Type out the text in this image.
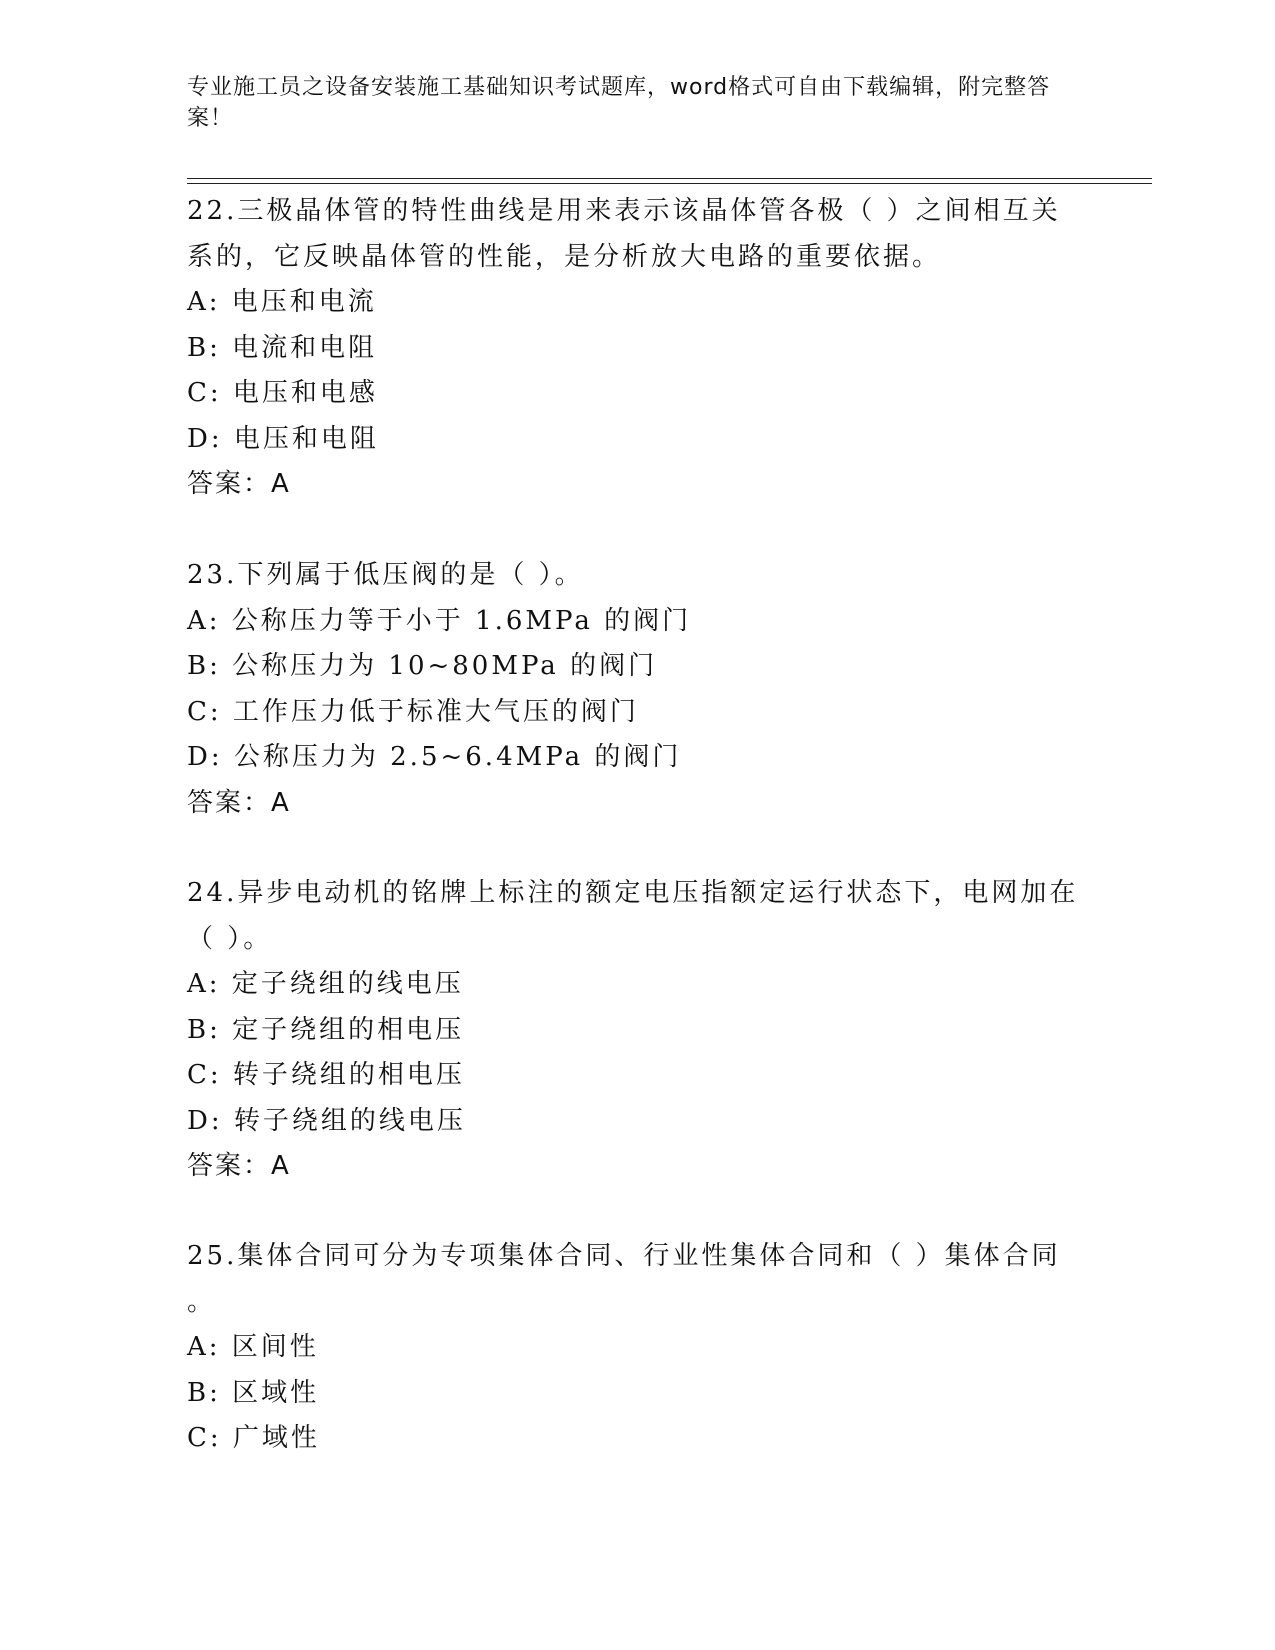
专业施工员之设备安装施工基础知识考试题库，word格式可自由下载编辑，附完整答案！

22.三极晶体管的特性曲线是用来表示该晶体管各极（ ）之间相互关
系的，它反映晶体管的性能，是分析放大电路的重要依据。
A: 电压和电流
B: 电流和电阻
C: 电压和电感
D: 电压和电阻
答案：A
23.下列属于低压阀的是（ ）。
A: 公称压力等于小于 1.6MPa 的阀门
B: 公称压力为 10~80MPa 的阀门
C: 工作压力低于标准大气压的阀门
D: 公称压力为 2.5~6.4MPa 的阀门
答案：A
24.异步电动机的铭牌上标注的额定电压指额定运行状态下，电网加在
（ ）。
A: 定子绕组的线电压
B: 定子绕组的相电压
C: 转子绕组的相电压
D: 转子绕组的线电压
答案：A
25.集体合同可分为专项集体合同、行业性集体合同和（ ）集体合同
。
A: 区间性
B: 区域性
C: 广域性
